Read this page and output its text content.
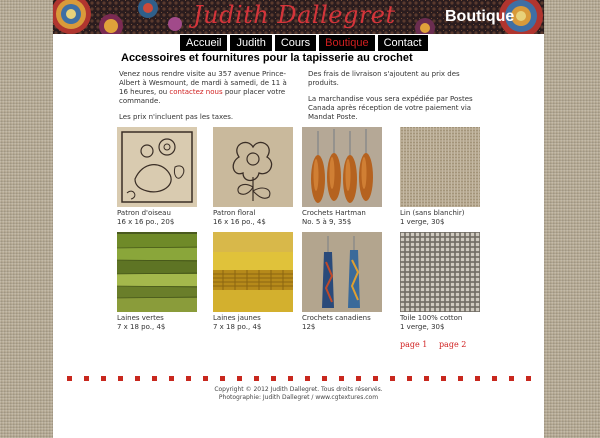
Judith Dallegret	Boutique
Accueil	Judith	Cours	Boutique	Contact
Accessoires et fournitures pour la tapisserie au crochet

Venez nous rendre visite au 357 avenue Prince-Albert à Wesmount, de mardi à samedi, de 11 à 16 heures, ou contactez nous pour placer votre commande.

Les prix n'incluent pas les taxes.

Des frais de livraison s'ajoutent au prix des produits.

La marchandise vous sera expédiée par Postes Canada après réception de votre paiement via Mandat Poste.

Patron d'oiseau
16 x 16 po., 20$
Patron floral
16 x 16 po., 4$
Crochets Hartman
No. 5 à 9, 35$
Lin (sans blanchir)
1 verge, 30$
Laines vertes
7 x 18 po., 4$
Laines jaunes
7 x 18 po., 4$
Crochets canadiens
12$
Toile 100% cotton
1 verge, 30$
page 1 page 2
Copyright © 2012 Judith Dallegret. Tous droits réservés.
Photographie: Judith Dallegret / www.cgtextures.com
